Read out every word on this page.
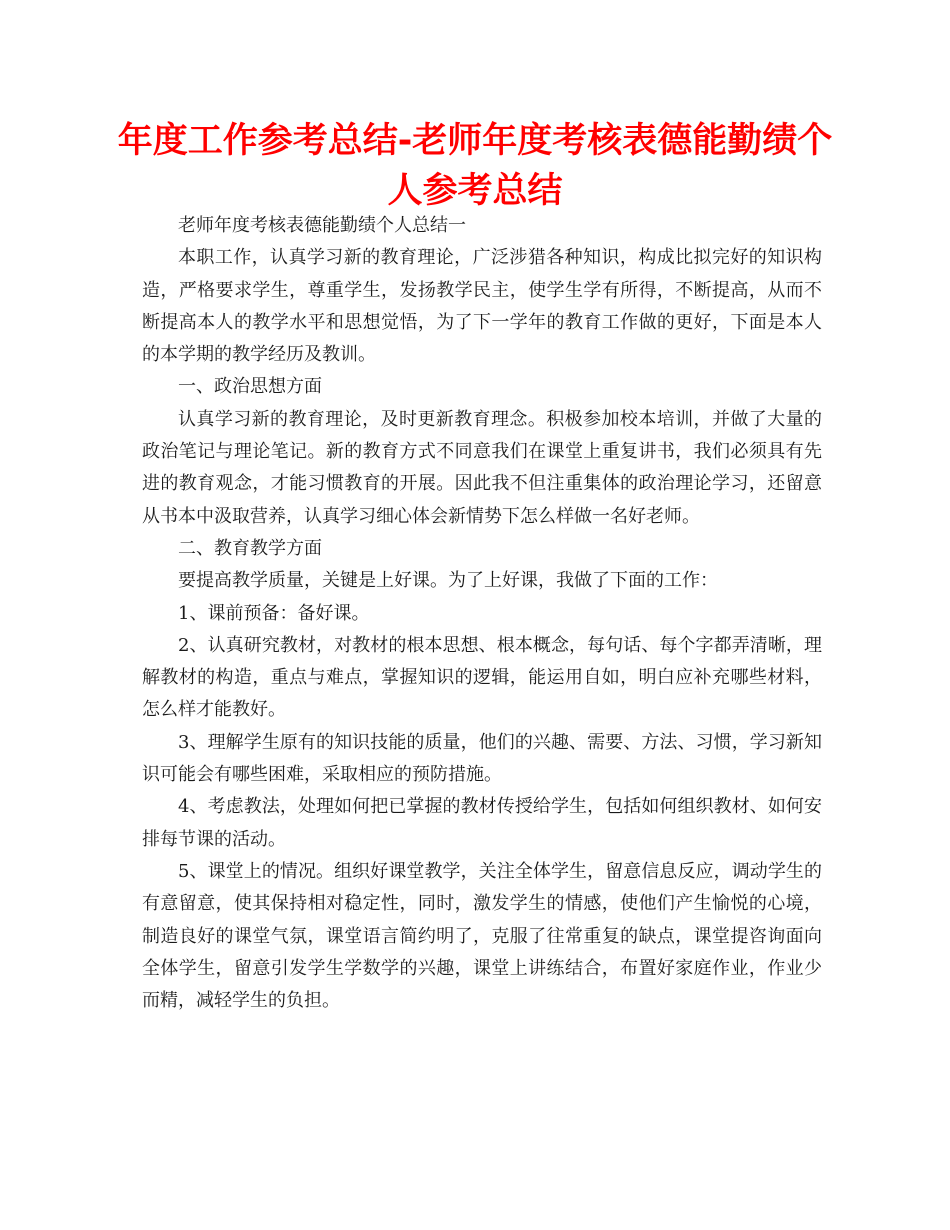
年度工作参考总结-老师年度考核表德能勤绩个人参考总结

老师年度考核表德能勤绩个人总结一

本职工作，认真学习新的教育理论，广泛涉猎各种知识，构成比拟完好的知识构造，严格要求学生，尊重学生，发扬教学民主，使学生学有所得，不断提高，从而不断提高本人的教学水平和思想觉悟，为了下一学年的教育工作做的更好，下面是本人的本学期的教学经历及教训。

一、政治思想方面

认真学习新的教育理论，及时更新教育理念。积极参加校本培训，并做了大量的政治笔记与理论笔记。新的教育方式不同意我们在课堂上重复讲书，我们必须具有先进的教育观念，才能习惯教育的开展。因此我不但注重集体的政治理论学习，还留意从书本中汲取营养，认真学习细心体会新情势下怎么样做一名好老师。

二、教育教学方面

要提高教学质量，关键是上好课。为了上好课，我做了下面的工作：

1、课前预备：备好课。

2、认真研究教材，对教材的根本思想、根本概念，每句话、每个字都弄清晰，理解教材的构造，重点与难点，掌握知识的逻辑，能运用自如，明白应补充哪些材料，怎么样才能教好。

3、理解学生原有的知识技能的质量，他们的兴趣、需要、方法、习惯，学习新知识可能会有哪些困难，采取相应的预防措施。

4、考虑教法，处理如何把已掌握的教材传授给学生，包括如何组织教材、如何安排每节课的活动。

5、课堂上的情况。组织好课堂教学，关注全体学生，留意信息反应，调动学生的有意留意，使其保持相对稳定性，同时，激发学生的情感，使他们产生愉悦的心境，制造良好的课堂气氛，课堂语言简约明了，克服了往常重复的缺点，课堂提咨询面向全体学生，留意引发学生学数学的兴趣，课堂上讲练结合，布置好家庭作业，作业少而精，减轻学生的负担。
